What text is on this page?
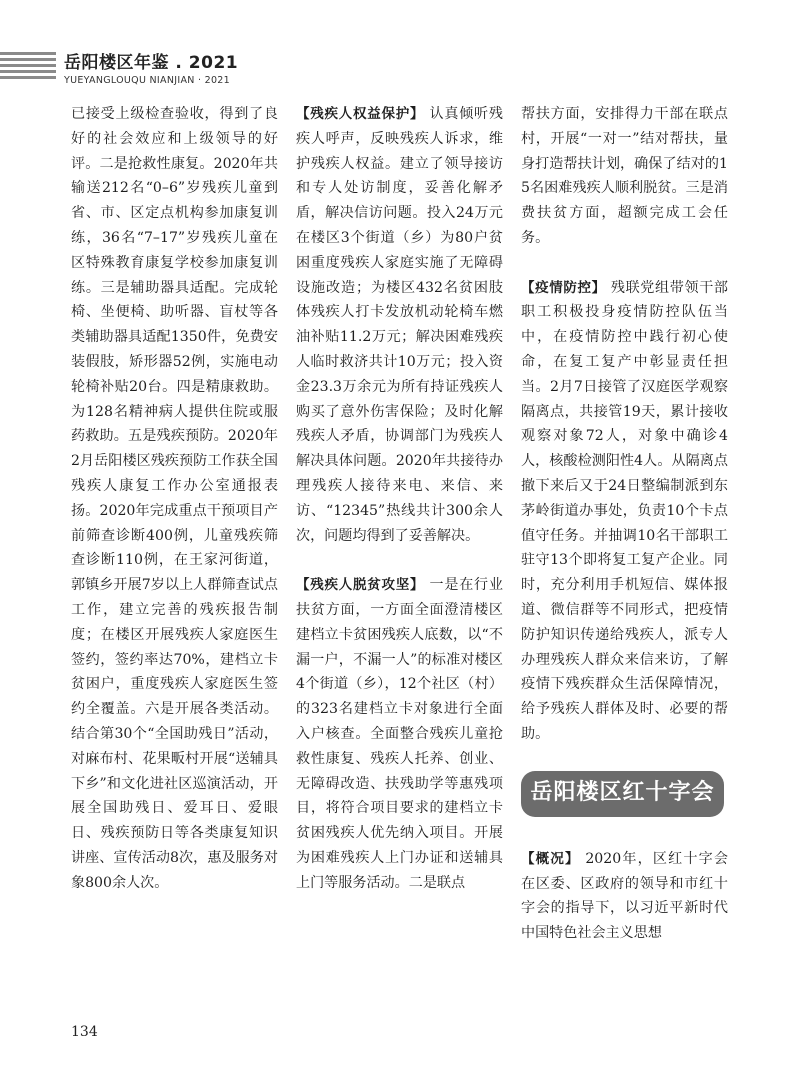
岳阳楼区年鉴 . 2021
YUEYANGLOUQU NIANJIAN · 2021

已接受上级检查验收，得到了良好的社会效应和上级领导的好评。二是抢救性康复。2020年共输送212名“0–6”岁残疾儿童到省、市、区定点机构参加康复训练，36名“7–17”岁残疾儿童在区特殊教育康复学校参加康复训练。三是辅助器具适配。完成轮椅、坐便椅、助听器、盲杖等各类辅助器具适配1350件，免费安装假肢，矫形器52例，实施电动轮椅补贴20台。四是精康救助。为128名精神病人提供住院或服药救助。五是残疾预防。2020年2月岳阳楼区残疾预防工作获全国残疾人康复工作办公室通报表扬。2020年完成重点干预项目产前筛查诊断400例，儿童残疾筛查诊断110例，在王家河街道，郭镇乡开展7岁以上人群筛查试点工作，建立完善的残疾报告制度；在楼区开展残疾人家庭医生签约，签约率达70%，建档立卡贫困户，重度残疾人家庭医生签约全覆盖。六是开展各类活动。结合第30个“全国助残日”活动，对麻布村、花果畈村开展“送辅具下乡”和文化进社区巡演活动，开展全国助残日、爱耳日、爱眼日、残疾预防日等各类康复知识讲座、宣传活动8次，惠及服务对象800余人次。

【残疾人权益保护】 认真倾听残疾人呼声，反映残疾人诉求，维护残疾人权益。建立了领导接访和专人处访制度，妥善化解矛盾，解决信访问题。投入24万元在楼区3个街道（乡）为80户贫困重度残疾人家庭实施了无障碍设施改造；为楼区432名贫困肢体残疾人打卡发放机动轮椅车燃油补贴11.2万元；解决困难残疾人临时救济共计10万元；投入资金23.3万余元为所有持证残疾人购买了意外伤害保险；及时化解残疾人矛盾，协调部门为残疾人解决具体问题。2020年共接待办理残疾人接待来电、来信、来访、“12345”热线共计300余人次，问题均得到了妥善解决。

【残疾人脱贫攻坚】 一是在行业扶贫方面，一方面全面澄清楼区建档立卡贫困残疾人底数，以“不漏一户，不漏一人”的标准对楼区4个街道（乡），12个社区（村）的323名建档立卡对象进行全面入户核查。全面整合残疾儿童抢救性康复、残疾人托养、创业、无障碍改造、扶残助学等惠残项目，将符合项目要求的建档立卡贫困残疾人优先纳入项目。开展为困难残疾人上门办证和送辅具上门等服务活动。二是联点

帮扶方面，安排得力干部在联点村，开展“一对一”结对帮扶，量身打造帮扶计划，确保了结对的15名困难残疾人顺利脱贫。三是消费扶贫方面，超额完成工会任务。

【疫情防控】 残联党组带领干部职工积极投身疫情防控队伍当中，在疫情防控中践行初心使命，在复工复产中彰显责任担当。2月7日接管了汉庭医学观察隔离点，共接管19天，累计接收观察对象72人，对象中确诊4人，核酸检测阳性4人。从隔离点撤下来后又于24日整编制派到东茅岭街道办事处，负责10个卡点值守任务。并抽调10名干部职工驻守13个即将复工复产企业。同时，充分利用手机短信、媒体报道、微信群等不同形式，把疫情防护知识传递给残疾人，派专人办理残疾人群众来信来访，了解疫情下残疾群众生活保障情况，给予残疾人群体及时、必要的帮助。

岳阳楼区红十字会

【概况】 2020年，区红十字会在区委、区政府的领导和市红十字会的指导下，以习近平新时代中国特色社会主义思想

134
